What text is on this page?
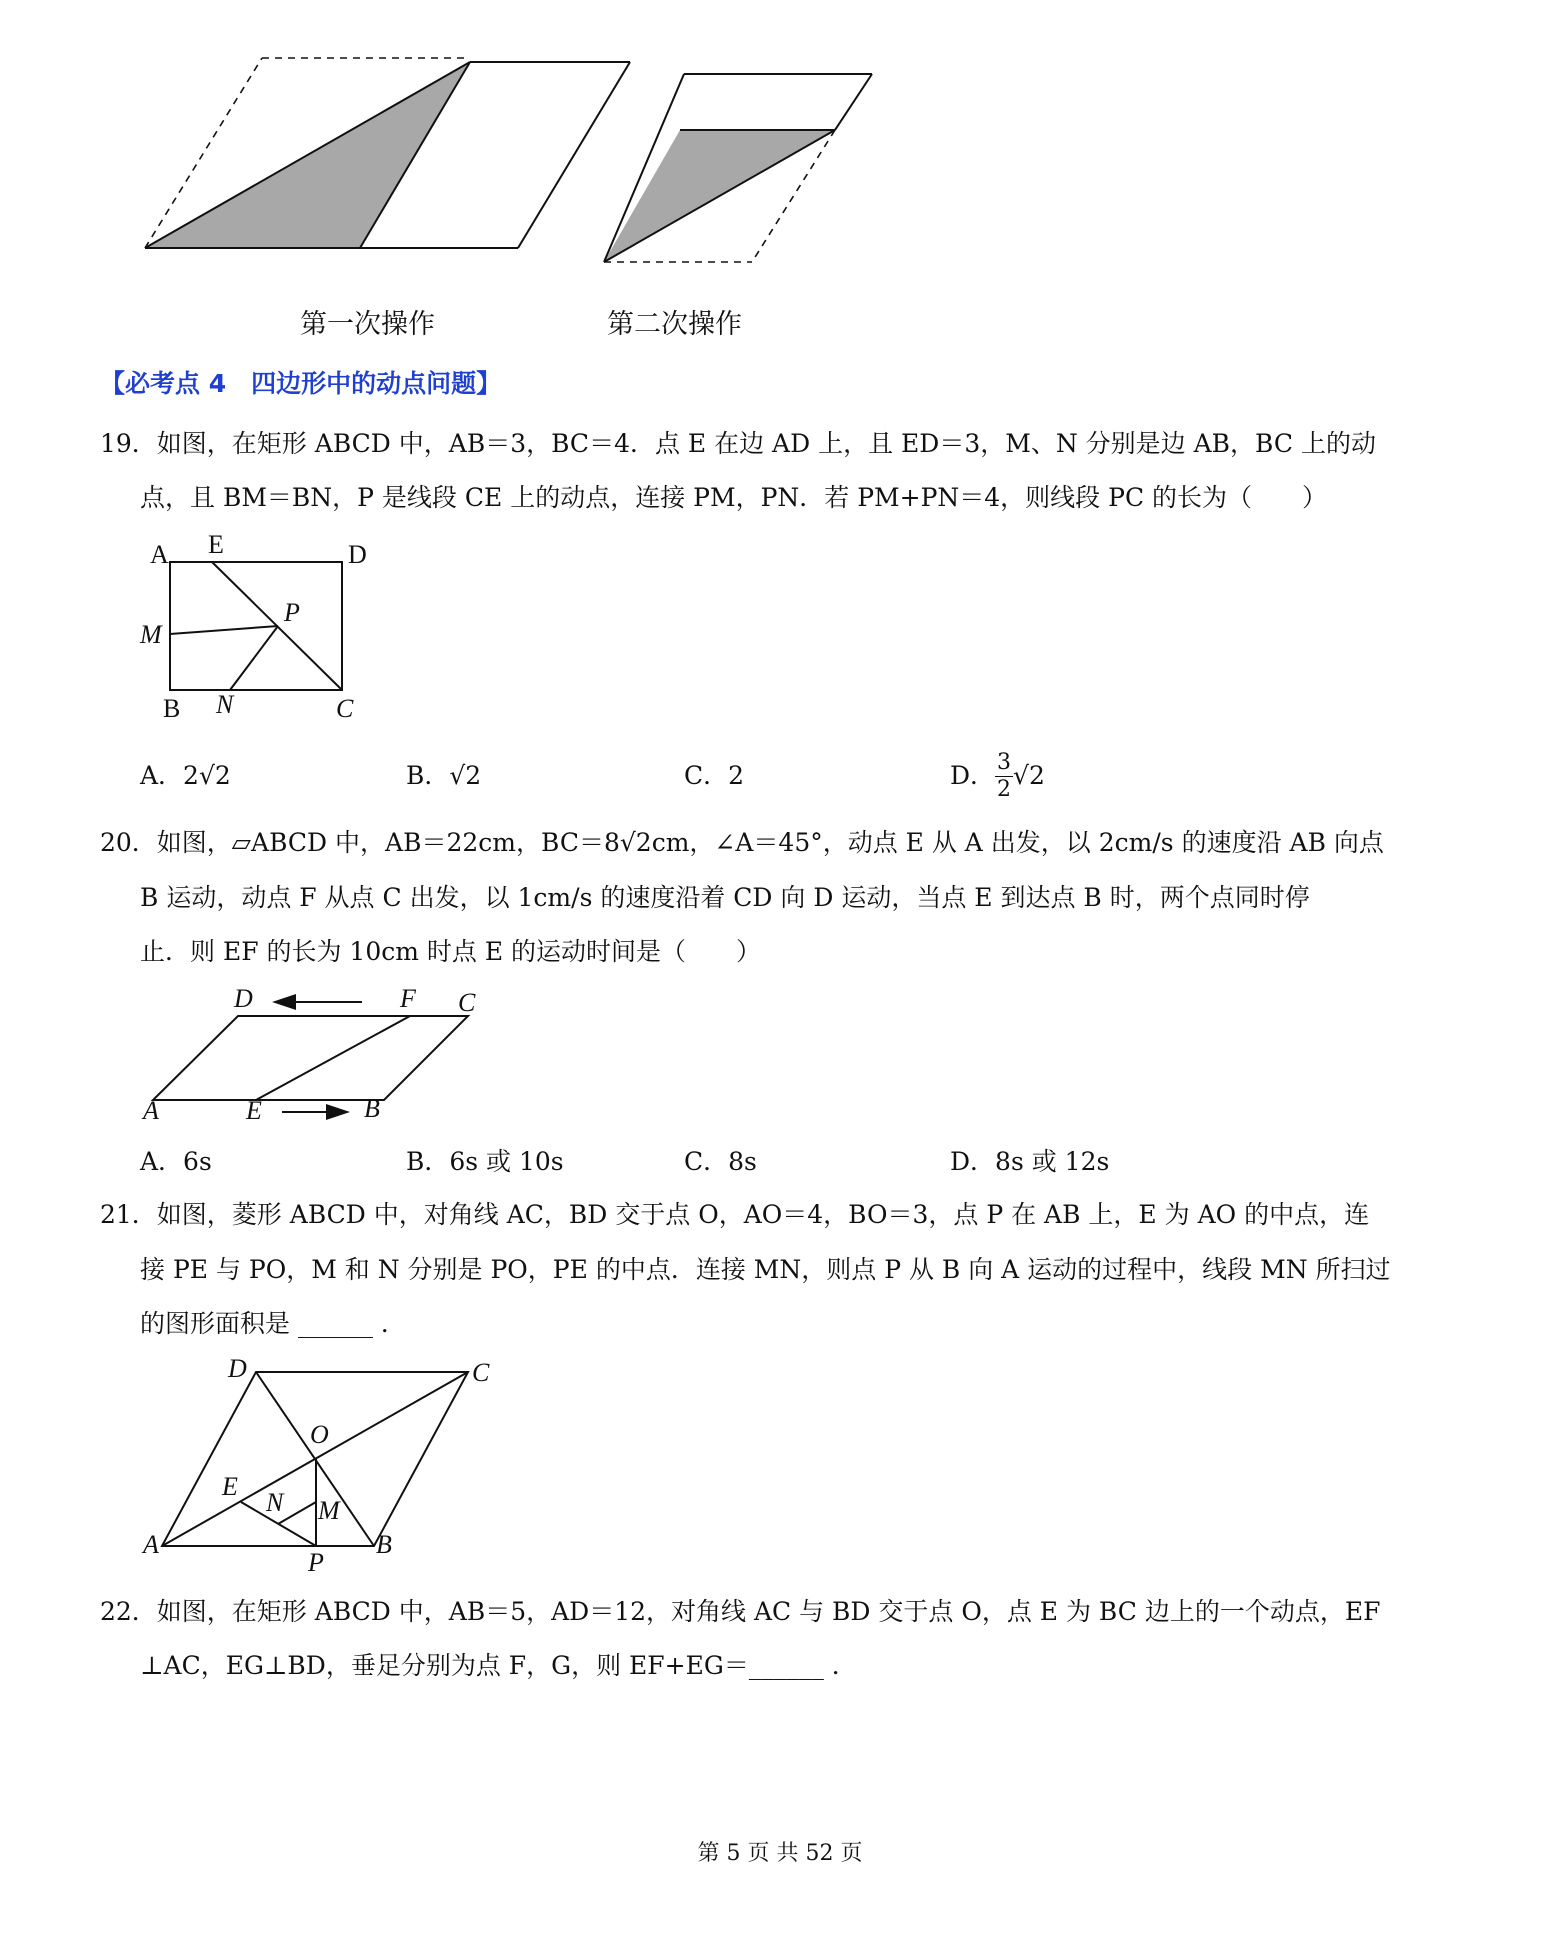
第一次操作	第二次操作
【必考点 4　四边形中的动点问题】
19．如图，在矩形 ABCD 中，AB＝3，BC＝4．点 E 在边 AD 上，且 ED＝3，M、N 分别是边 AB，BC 上的动
点，且 BM＝BN，P 是线段 CE 上的动点，连接 PM，PN．若 PM+PN＝4，则线段 PC 的长为（　　）
A E	D
M
P
B N	C
A．2√2	B．√2	C．2	D． $\frac{3}{2} √2$
20．如图，▱ABCD 中，AB＝22cm，BC＝8√2cm，∠A＝45°，动点 E 从 A 出发，以 2cm/s 的速度沿 AB 向点
B 运动，动点 F 从点 C 出发，以 1cm/s 的速度沿着 CD 向 D 运动，当点 E 到达点 B 时，两个点同时停
止．则 EF 的长为 10cm 时点 E 的运动时间是（　　）
D	F C
A	E	B
A．6s	B．6s 或 10s	C．8s	D．8s 或 12s
21．如图，菱形 ABCD 中，对角线 AC，BD 交于点 O，AO＝4，BO＝3，点 P 在 AB 上，E 为 AO 的中点，连
接 PE 与 PO，M 和 N 分别是 PO，PE 的中点．连接 MN，则点 P 从 B 向 A 运动的过程中，线段 MN 所扫过
的图形面积是 ______ ．
D	C
O
E
N M
A
P
B
22．如图，在矩形 ABCD 中，AB＝5，AD＝12，对角线 AC 与 BD 交于点 O，点 E 为 BC 边上的一个动点，EF
⊥AC，EG⊥BD，垂足分别为点 F，G，则 EF+EG＝______ ．
第 5 页 共 52 页
